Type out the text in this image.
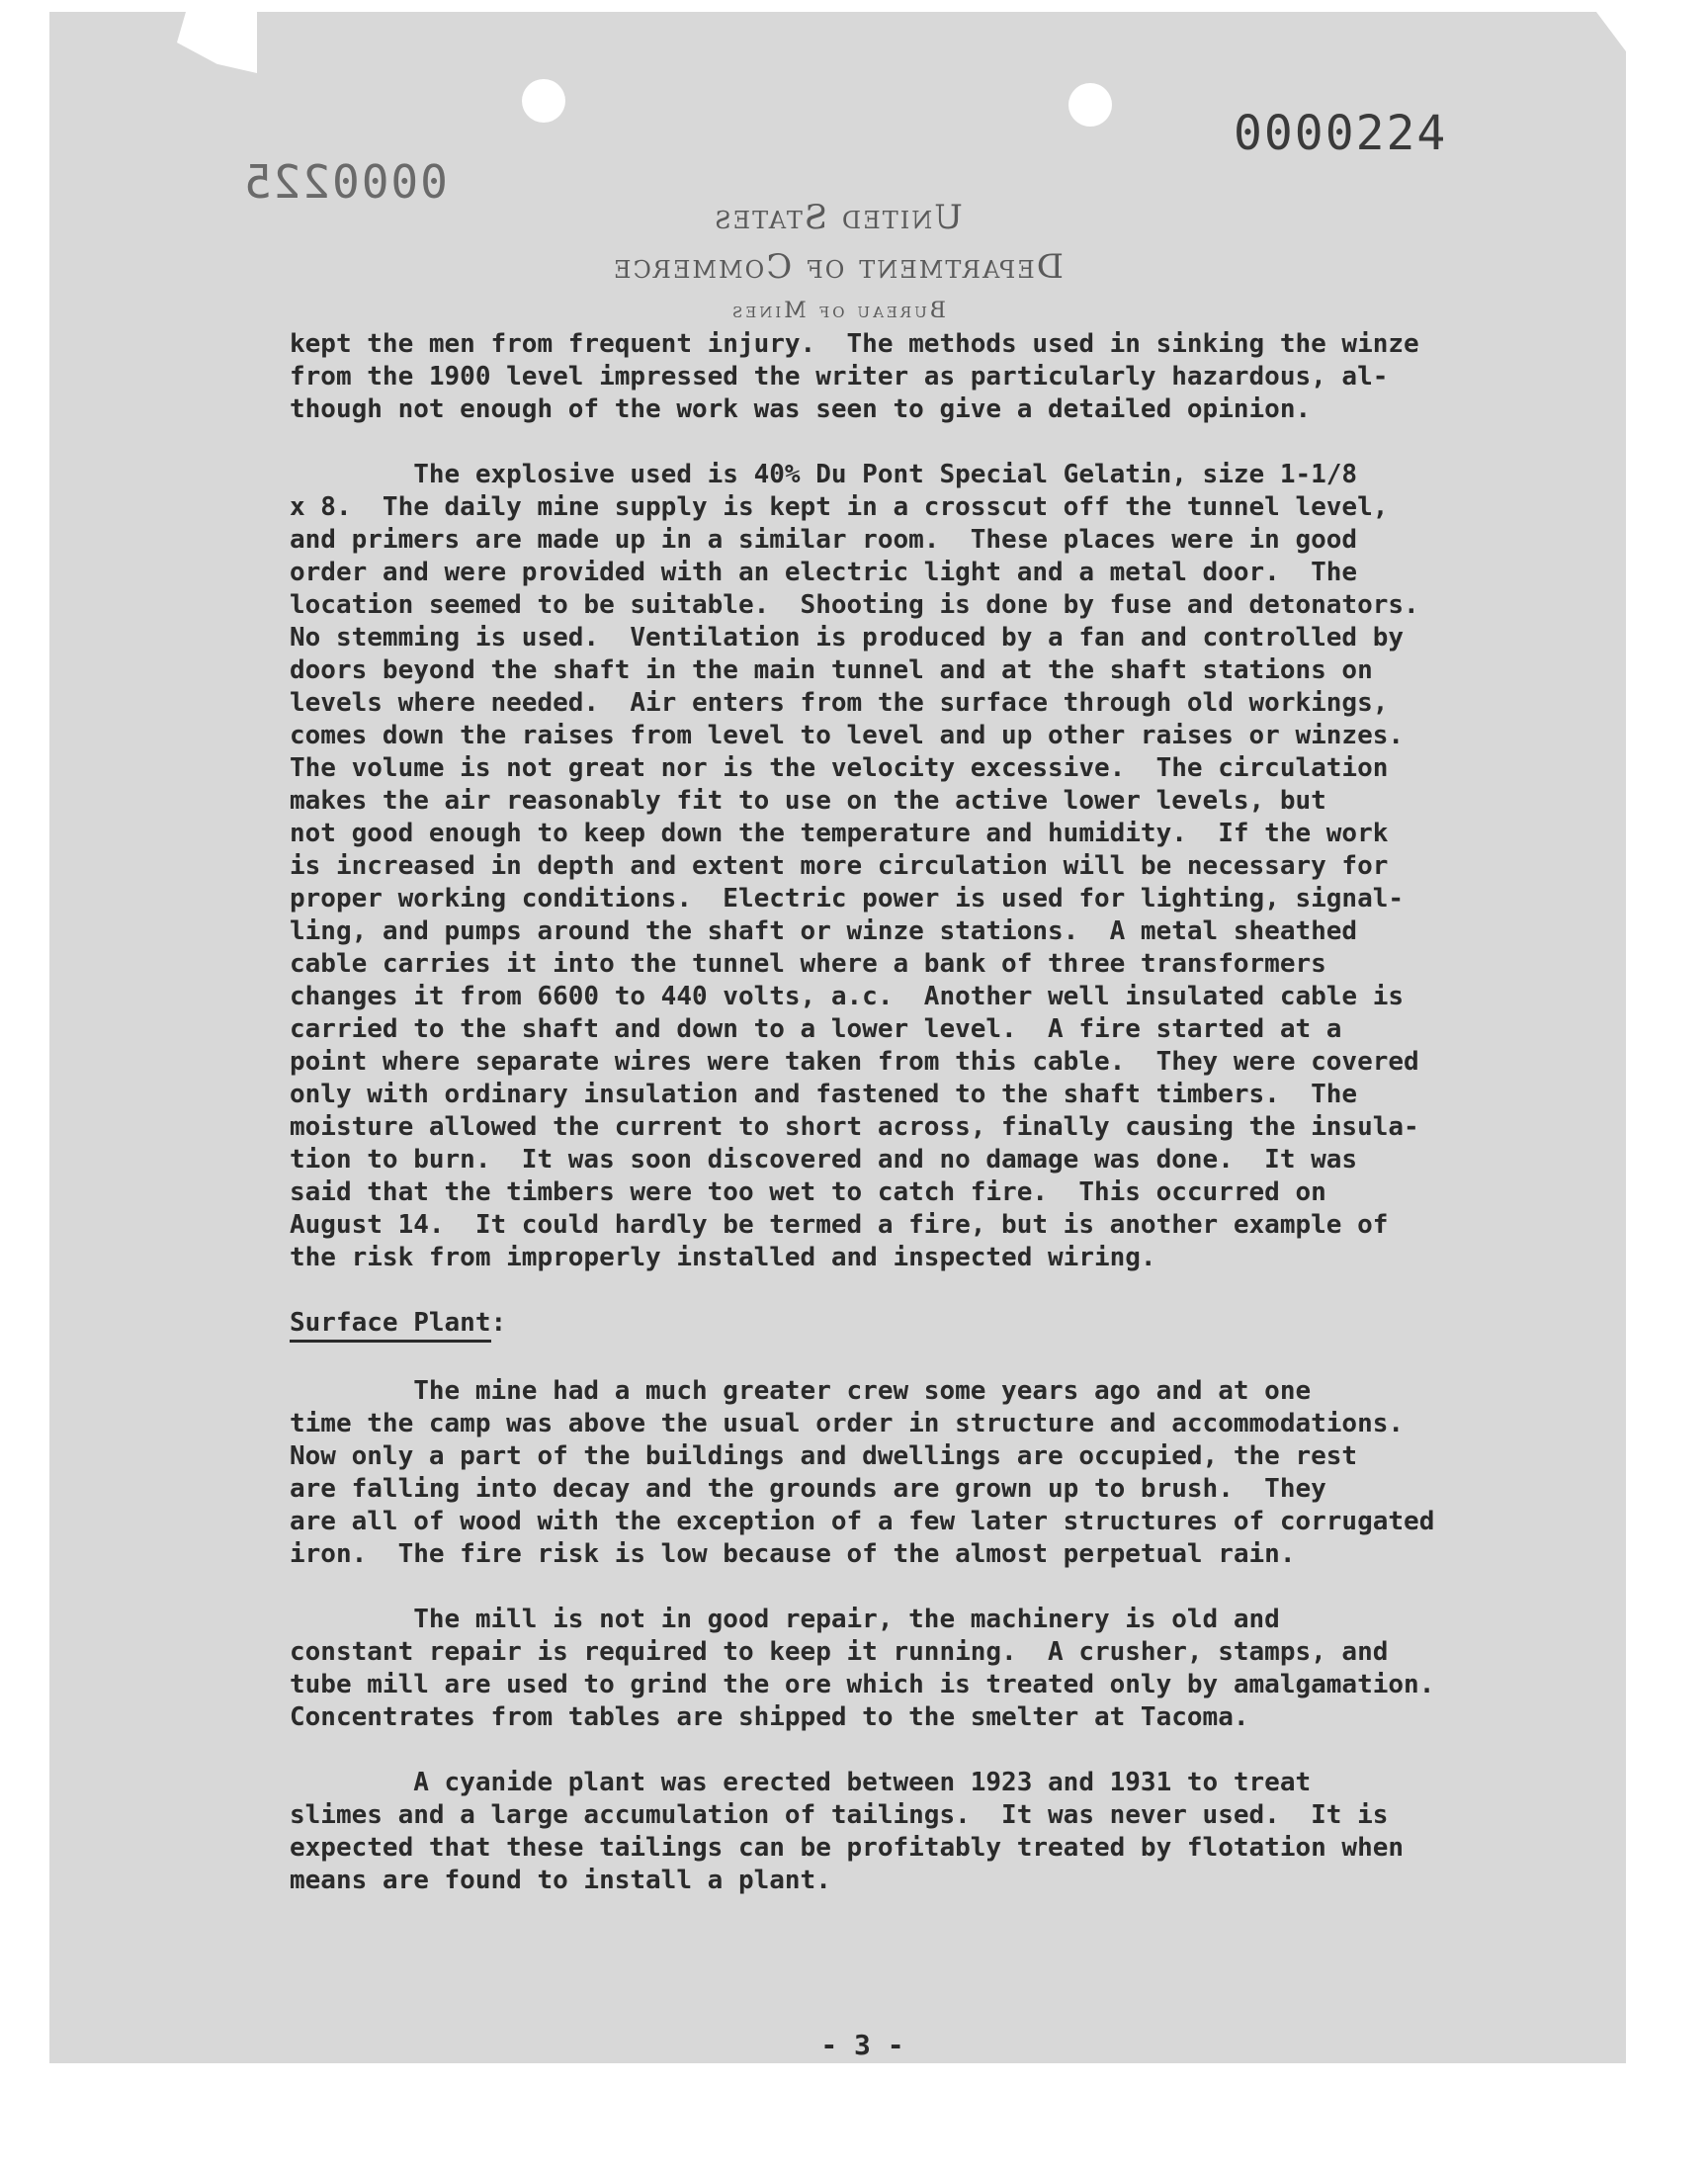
0000224
0000225
United States
Department of Commerce
Bureau of Mines
kept the men from frequent injury.  The methods used in sinking the winze
from the 1900 level impressed the writer as particularly hazardous, al-
though not enough of the work was seen to give a detailed opinion.
The explosive used is 40% Du Pont Special Gelatin, size 1-1/8
x 8.  The daily mine supply is kept in a crosscut off the tunnel level,
and primers are made up in a similar room.  These places were in good
order and were provided with an electric light and a metal door.  The
location seemed to be suitable.  Shooting is done by fuse and detonators.
No stemming is used.  Ventilation is produced by a fan and controlled by
doors beyond the shaft in the main tunnel and at the shaft stations on
levels where needed.  Air enters from the surface through old workings,
comes down the raises from level to level and up other raises or winzes.
The volume is not great nor is the velocity excessive.  The circulation
makes the air reasonably fit to use on the active lower levels, but
not good enough to keep down the temperature and humidity.  If the work
is increased in depth and extent more circulation will be necessary for
proper working conditions.  Electric power is used for lighting, signal-
ling, and pumps around the shaft or winze stations.  A metal sheathed
cable carries it into the tunnel where a bank of three transformers
changes it from 6600 to 440 volts, a.c.  Another well insulated cable is
carried to the shaft and down to a lower level.  A fire started at a
point where separate wires were taken from this cable.  They were covered
only with ordinary insulation and fastened to the shaft timbers.  The
moisture allowed the current to short across, finally causing the insula-
tion to burn.  It was soon discovered and no damage was done.  It was
said that the timbers were too wet to catch fire.  This occurred on
August 14.  It could hardly be termed a fire, but is another example of
the risk from improperly installed and inspected wiring.
Surface Plant:
The mine had a much greater crew some years ago and at one
time the camp was above the usual order in structure and accommodations.
Now only a part of the buildings and dwellings are occupied, the rest
are falling into decay and the grounds are grown up to brush.  They
are all of wood with the exception of a few later structures of corrugated
iron.  The fire risk is low because of the almost perpetual rain.
The mill is not in good repair, the machinery is old and
constant repair is required to keep it running.  A crusher, stamps, and
tube mill are used to grind the ore which is treated only by amalgamation.
Concentrates from tables are shipped to the smelter at Tacoma.
A cyanide plant was erected between 1923 and 1931 to treat
slimes and a large accumulation of tailings.  It was never used.  It is
expected that these tailings can be profitably treated by flotation when
means are found to install a plant.
- 3 -
